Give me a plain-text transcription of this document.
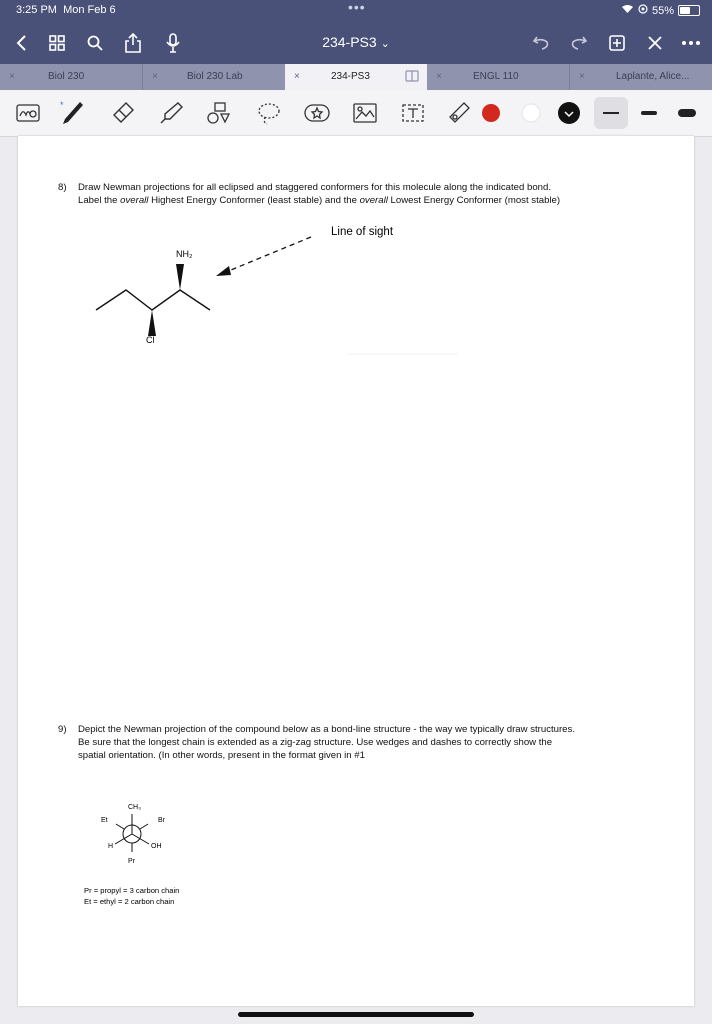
3:25 PM Mon Feb 6	•••	55%
234-PS3 ⌄
×	Biol 230	×	Biol 230 Lab	×	234-PS3	×	ENGL 110	×	Laplante, Alice...
*
8) Draw Newman projections for all eclipsed and staggered conformers for this molecule along the indicated bond.
Label the overall Highest Energy Conformer (least stable) and the overall Lowest Energy Conformer (most stable)
NH₂
Cl
Line of sight
9) Depict the Newman projection of the compound below as a bond-line structure - the way we typically draw structures.
Be sure that the longest chain is extended as a zig-zag structure. Use wedges and dashes to correctly show the
spatial orientation. (In other words, present in the format given in #1
CH₃
Et	Br
H	OH
Pr
Pr = propyl = 3 carbon chain
Et = ethyl = 2 carbon chain
